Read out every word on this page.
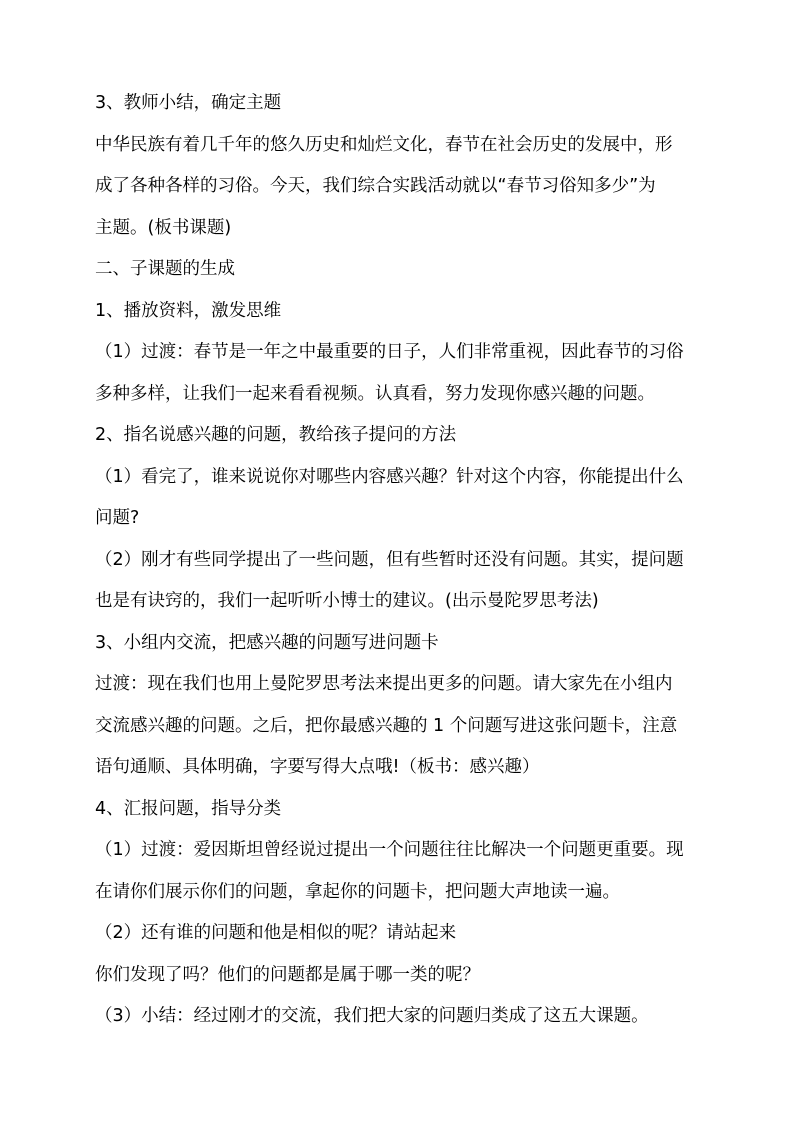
3、教师小结，确定主题
中华民族有着几千年的悠久历史和灿烂文化，春节在社会历史的发展中，形
成了各种各样的习俗。今天，我们综合实践活动就以“春节习俗知多少”为
主题。(板书课题)
二、子课题的生成
1、播放资料，激发思维
（1）过渡：春节是一年之中最重要的日子，人们非常重视，因此春节的习俗
多种多样，让我们一起来看看视频。认真看，努力发现你感兴趣的问题。
2、指名说感兴趣的问题，教给孩子提问的方法
（1）看完了，谁来说说你对哪些内容感兴趣？针对这个内容，你能提出什么
问题?
（2）刚才有些同学提出了一些问题，但有些暂时还没有问题。其实，提问题
也是有诀窍的，我们一起听听小博士的建议。(出示曼陀罗思考法)
3、小组内交流，把感兴趣的问题写进问题卡
过渡：现在我们也用上曼陀罗思考法来提出更多的问题。请大家先在小组内
交流感兴趣的问题。之后，把你最感兴趣的 1 个问题写进这张问题卡，注意
语句通顺、具体明确，字要写得大点哦!（板书：感兴趣）
4、汇报问题，指导分类
（1）过渡：爱因斯坦曾经说过提出一个问题往往比解决一个问题更重要。现
在请你们展示你们的问题，拿起你的问题卡，把问题大声地读一遍。
（2）还有谁的问题和他是相似的呢？请站起来
你们发现了吗？他们的问题都是属于哪一类的呢？
（3）小结：经过刚才的交流，我们把大家的问题归类成了这五大课题。
